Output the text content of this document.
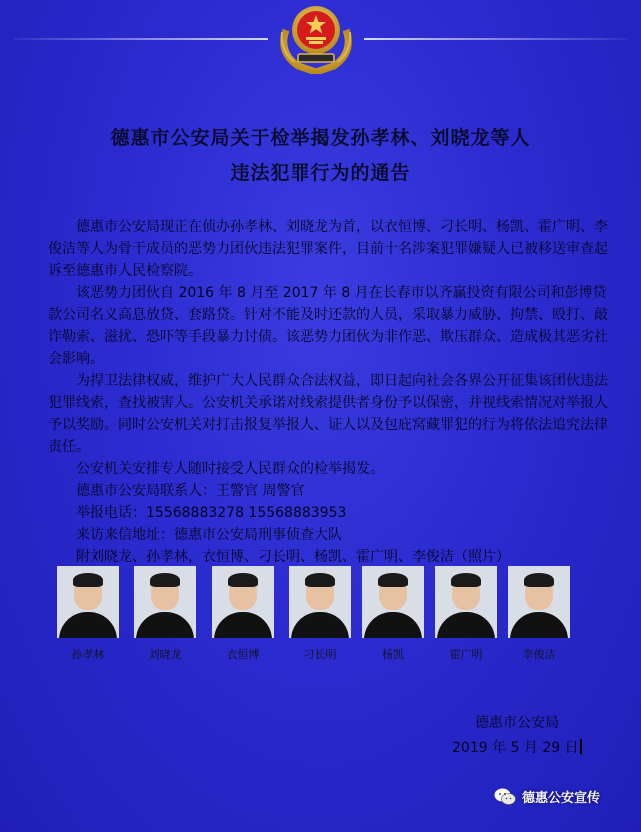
德惠市公安局关于检举揭发孙孝林、刘晓龙等人
违法犯罪行为的通告

德惠市公安局现正在侦办孙孝林、刘晓龙为首，以衣恒博、刁长明、杨凯、霍广明、李俊洁等人为骨干成员的恶势力团伙违法犯罪案件，目前十名涉案犯罪嫌疑人已被移送审查起诉至德惠市人民检察院。

该恶势力团伙自 2016 年 8 月至 2017 年 8 月在长春市以齐赢投资有限公司和彭博贷款公司名义高息放贷、套路贷。针对不能及时还款的人员，采取暴力威胁、拘禁、殴打、敲诈勒索、滋扰、恐吓等手段暴力讨债。该恶势力团伙为非作恶、欺压群众、造成极其恶劣社会影响。

为捍卫法律权威，维护广大人民群众合法权益，即日起向社会各界公开征集该团伙违法犯罪线索，查找被害人。公安机关承诺对线索提供者身份予以保密，并视线索情况对举报人予以奖励。同时公安机关对打击报复举报人、证人以及包庇窝藏罪犯的行为将依法追究法律责任。

公安机关安排专人随时接受人民群众的检举揭发。

德惠市公安局联系人：王警官 周警官

举报电话：15568883278 15568883953

来访来信地址：德惠市公安局刑事侦查大队

附刘晓龙、孙孝林，衣恒博、刁长明、杨凯、霍广明、李俊洁（照片）

孙孝林	刘晓龙	衣恒博	刁长明	杨凯	霍广明	李俊洁
德惠市公安局
2019 年 5 月 29 日
德惠公安宣传
